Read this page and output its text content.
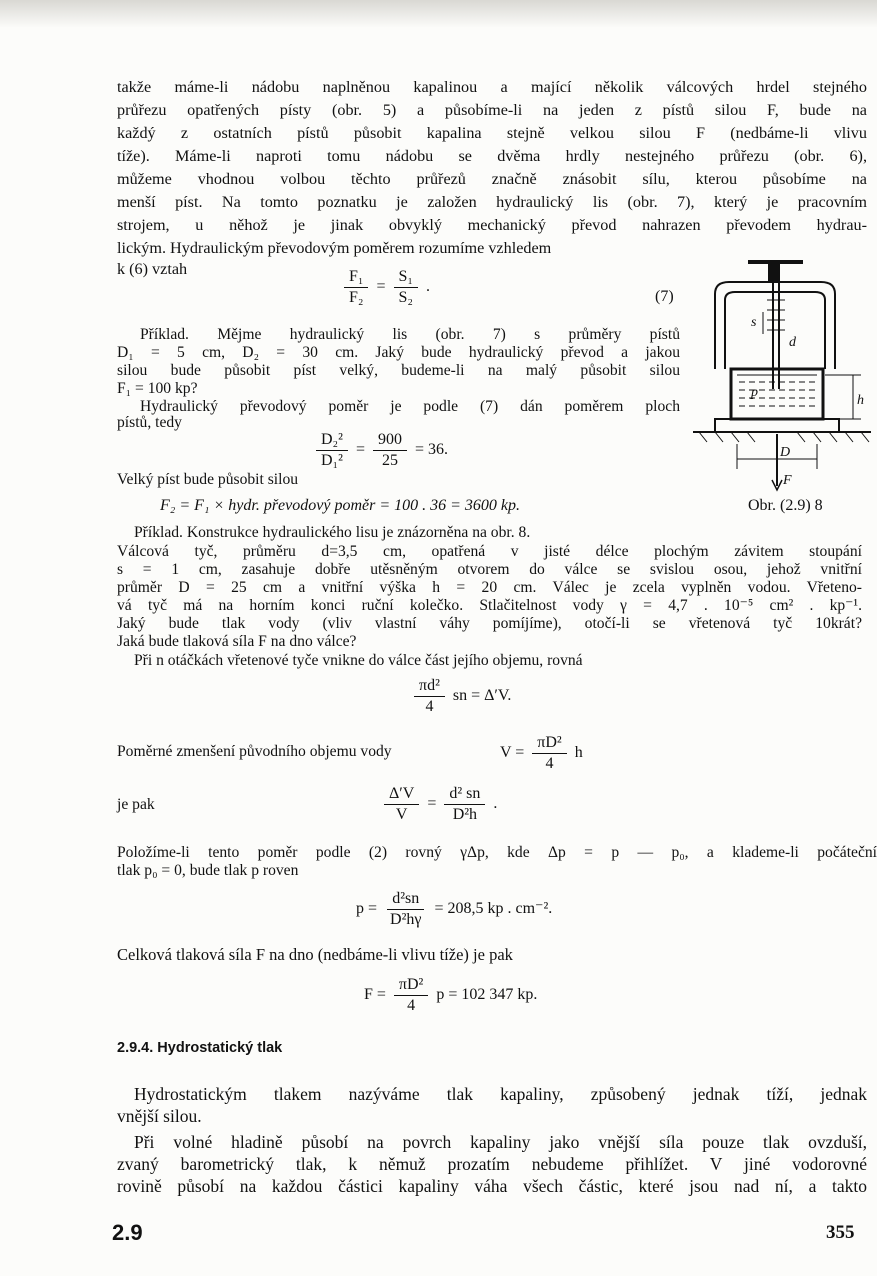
takže máme-li nádobu naplněnou kapalinou a mající několik válcových hrdel stejného
průřezu opatřených písty (obr. 5) a působíme-li na jeden z pístů silou F, bude na
každý z ostatních pístů působit kapalina stejně velkou silou F (nedbáme-li vlivu
tíže). Máme-li naproti tomu nádobu se dvěma hrdly nestejného průřezu (obr. 6),
můžeme vhodnou volbou těchto průřezů značně znásobit sílu, kterou působíme na
menší píst. Na tomto poznatku je založen hydraulický lis (obr. 7), který je pracovním
strojem, u něhož je jinak obvyklý mechanický převod nahrazen převodem hydrau-
lickým. Hydraulickým převodovým poměrem rozumíme vzhledem
k (6) vztah	$\frac{\text{F₁}}{\text{F₂}} = \frac{\text{S₁}}{\text{S₂}}$ .
(7)
Příklad. Mějme hydraulický lis (obr. 7) s průměry pístů
D₁ = 5 cm, D₂ = 30 cm. Jaký bude hydraulický převod a jakou
silou bude působit píst velký, budeme-li na malý působit silou
F₁ = 100 kp?
Hydraulický převodový poměr je podle (7) dán poměrem ploch
pístů, tedy
$\frac{\text{D₂²}}{\text{D₁²}} = \frac{900}{25} = 36$.
Velký píst bude působit silou
F₂ = F₁ × hydr. převodový poměr = 100 . 36 = 3600 kp.
s
d
p
h
D
F
Obr. (2.9) 8
Příklad. Konstrukce hydraulického lisu je znázorněna na obr. 8.
Válcová tyč, průměru d=3,5 cm, opatřená v jisté délce plochým závitem stoupání
s = 1 cm, zasahuje dobře utěsněným otvorem do válce se svislou osou, jehož vnitřní
průměr D = 25 cm a vnitřní výška h = 20 cm. Válec je zcela vyplněn vodou. Vřeteno-
vá tyč má na horním konci ruční kolečko. Stlačitelnost vody γ = 4,7 . 10⁻⁵ cm² . kp⁻¹.
Jaký bude tlak vody (vliv vlastní váhy pomíjíme), otočí-li se vřetenová tyč 10krát?
Jaká bude tlaková síla F na dno válce?
Při n otáčkách vřetenové tyče vnikne do válce část jejího objemu, rovná
$\frac{\text{πd²}}{4}$ sn = Δ′V.
Poměrné zmenšení původního objemu vody	$V = \frac{\text{πD²}}{4}$ h
je pak	$\frac{\Delta'V}{V} = \frac{\text{d² sn}}{\text{D²h}}$ .
Položíme-li tento poměr podle (2) rovný γΔp, kde Δp = p — p₀, a klademe-li počáteční
tlak p₀ = 0, bude tlak p roven
$p = \frac{\text{d²sn}}{\text{D²hγ}} = 208,5$ kp . cm⁻².
Celková tlaková síla F na dno (nedbáme-li vlivu tíže) je pak
$F = \frac{\text{πD²}}{4}$ p = 102 347 kp.
2.9.4. Hydrostatický tlak
Hydrostatickým tlakem nazýváme tlak kapaliny, způsobený jednak tíží, jednak
vnější silou.
Při volné hladině působí na povrch kapaliny jako vnější síla pouze tlak ovzduší,
zvaný barometrický tlak, k němuž prozatím nebudeme přihlížet. V jiné vodorovné
rovině působí na každou částici kapaliny váha všech částic, které jsou nad ní, a takto
2.9	355
